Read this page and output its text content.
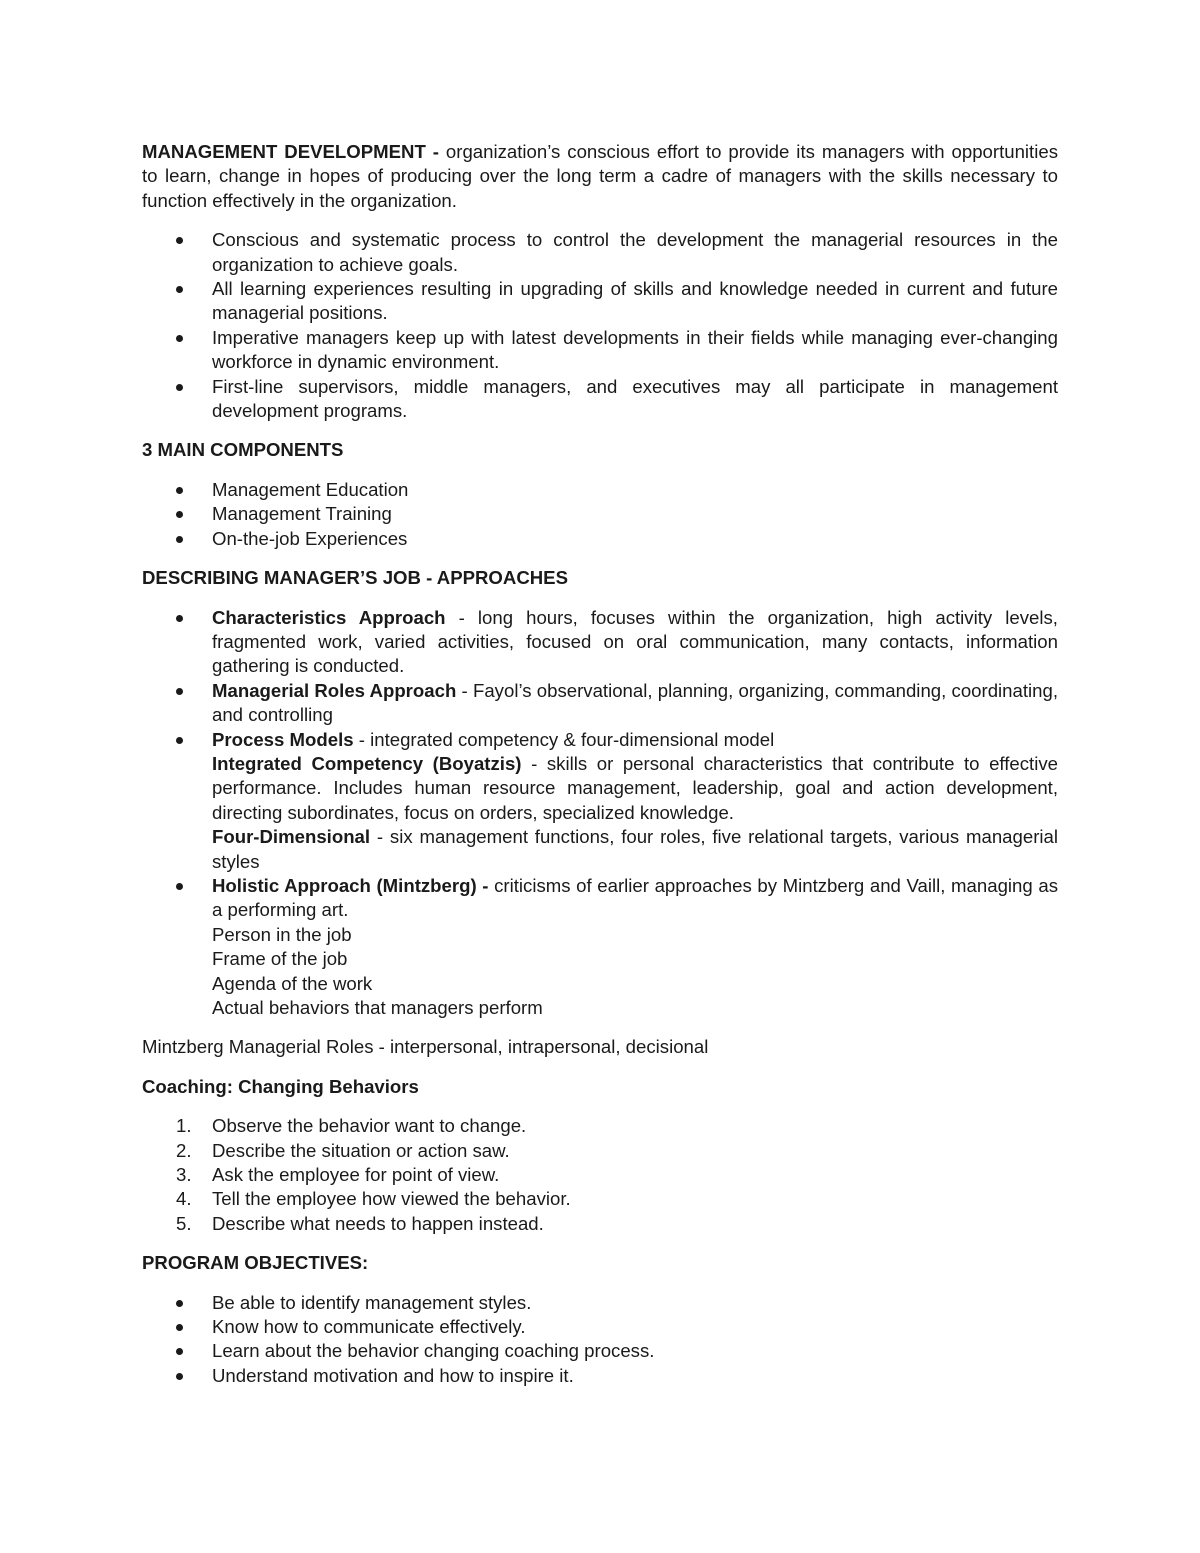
MANAGEMENT DEVELOPMENT - organization’s conscious effort to provide its managers with opportunities to learn, change in hopes of producing over the long term a cadre of managers with the skills necessary to function effectively in the organization.

Conscious and systematic process to control the development the managerial resources in the organization to achieve goals.
All learning experiences resulting in upgrading of skills and knowledge needed in current and future managerial positions.
Imperative managers keep up with latest developments in their fields while managing ever-changing workforce in dynamic environment.
First-line supervisors, middle managers, and executives may all participate in management development programs.

3 MAIN COMPONENTS

Management Education
Management Training
On-the-job Experiences

DESCRIBING MANAGER’S JOB - APPROACHES

Characteristics Approach - long hours, focuses within the organization, high activity levels, fragmented work, varied activities, focused on oral communication, many contacts, information gathering is conducted.
Managerial Roles Approach - Fayol’s observational, planning, organizing, commanding, coordinating, and controlling
Process Models - integrated competency & four-dimensional model
Integrated Competency (Boyatzis) - skills or personal characteristics that contribute to effective performance. Includes human resource management, leadership, goal and action development, directing subordinates, focus on orders, specialized knowledge.
Four-Dimensional - six management functions, four roles, five relational targets, various managerial styles
Holistic Approach (Mintzberg) - criticisms of earlier approaches by Mintzberg and Vaill, managing as a performing art.
Person in the job
Frame of the job
Agenda of the work
Actual behaviors that managers perform

Mintzberg Managerial Roles - interpersonal, intrapersonal, decisional

Coaching: Changing Behaviors

1. Observe the behavior want to change.
2. Describe the situation or action saw.
3. Ask the employee for point of view.
4. Tell the employee how viewed the behavior.
5. Describe what needs to happen instead.

PROGRAM OBJECTIVES:

Be able to identify management styles.
Know how to communicate effectively.
Learn about the behavior changing coaching process.
Understand motivation and how to inspire it.
